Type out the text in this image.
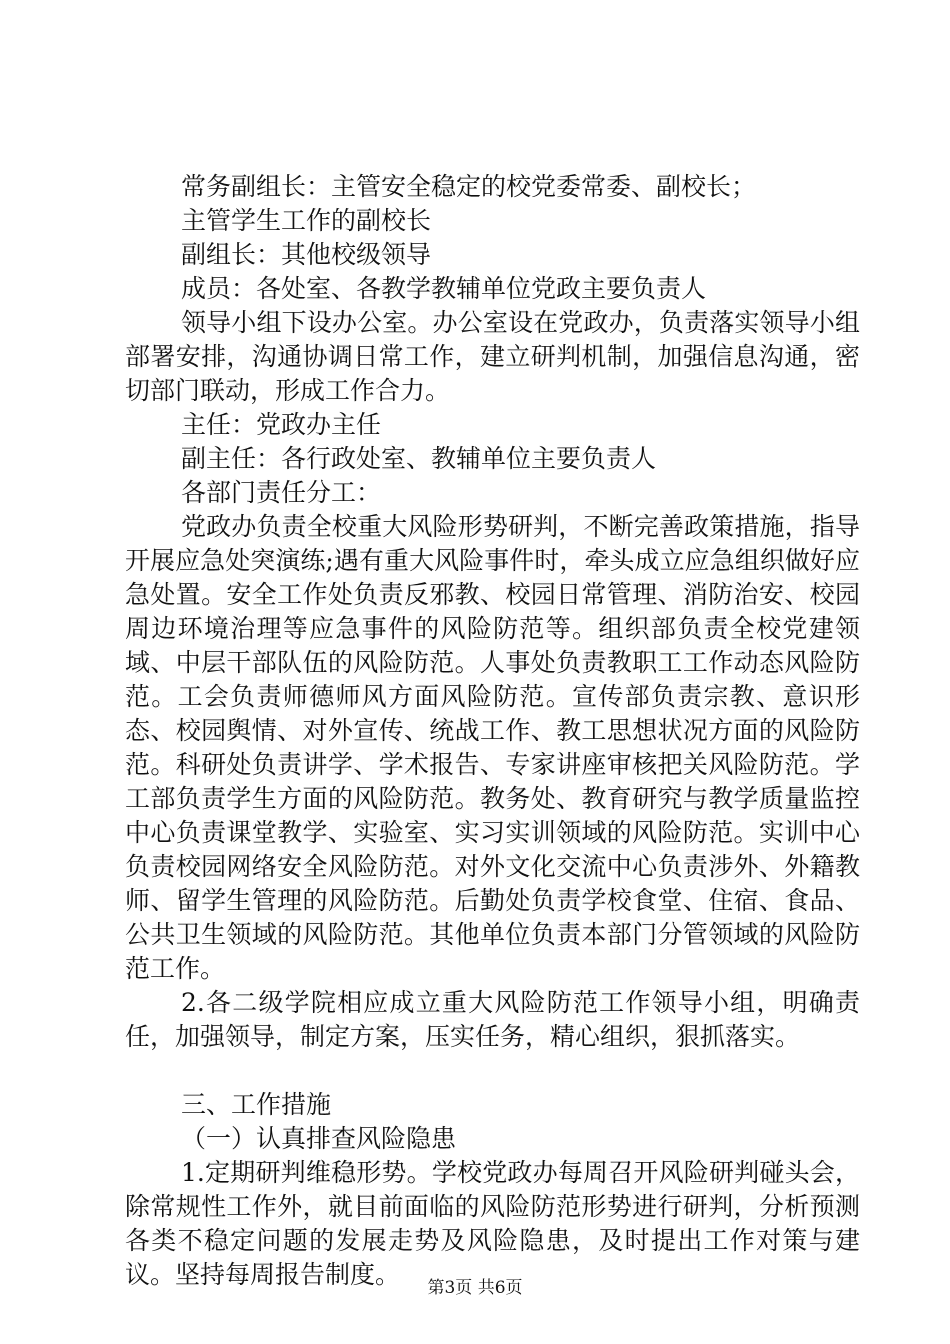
常务副组长：主管安全稳定的校党委常委、副校长；
主管学生工作的副校长
副组长：其他校级领导
成员：各处室、各教学教辅单位党政主要负责人
领导小组下设办公室。办公室设在党政办，负责落实领导小组部署安排，沟通协调日常工作，建立研判机制，加强信息沟通，密切部门联动，形成工作合力。
主任：党政办主任
副主任：各行政处室、教辅单位主要负责人
各部门责任分工：
党政办负责全校重大风险形势研判，不断完善政策措施，指导开展应急处突演练;遇有重大风险事件时，牵头成立应急组织做好应急处置。安全工作处负责反邪教、校园日常管理、消防治安、校园周边环境治理等应急事件的风险防范等。组织部负责全校党建领域、中层干部队伍的风险防范。人事处负责教职工工作动态风险防范。工会负责师德师风方面风险防范。宣传部负责宗教、意识形态、校园舆情、对外宣传、统战工作、教工思想状况方面的风险防范。科研处负责讲学、学术报告、专家讲座审核把关风险防范。学工部负责学生方面的风险防范。教务处、教育研究与教学质量监控中心负责课堂教学、实验室、实习实训领域的风险防范。实训中心负责校园网络安全风险防范。对外文化交流中心负责涉外、外籍教师、留学生管理的风险防范。后勤处负责学校食堂、住宿、食品、公共卫生领域的风险防范。其他单位负责本部门分管领域的风险防范工作。
2.各二级学院相应成立重大风险防范工作领导小组，明确责任，加强领导，制定方案，压实任务，精心组织，狠抓落实。
三、工作措施
（一）认真排查风险隐患
1.定期研判维稳形势。学校党政办每周召开风险研判碰头会，除常规性工作外，就目前面临的风险防范形势进行研判，分析预测各类不稳定问题的发展走势及风险隐患，及时提出工作对策与建议。坚持每周报告制度。	第3页 共6页
